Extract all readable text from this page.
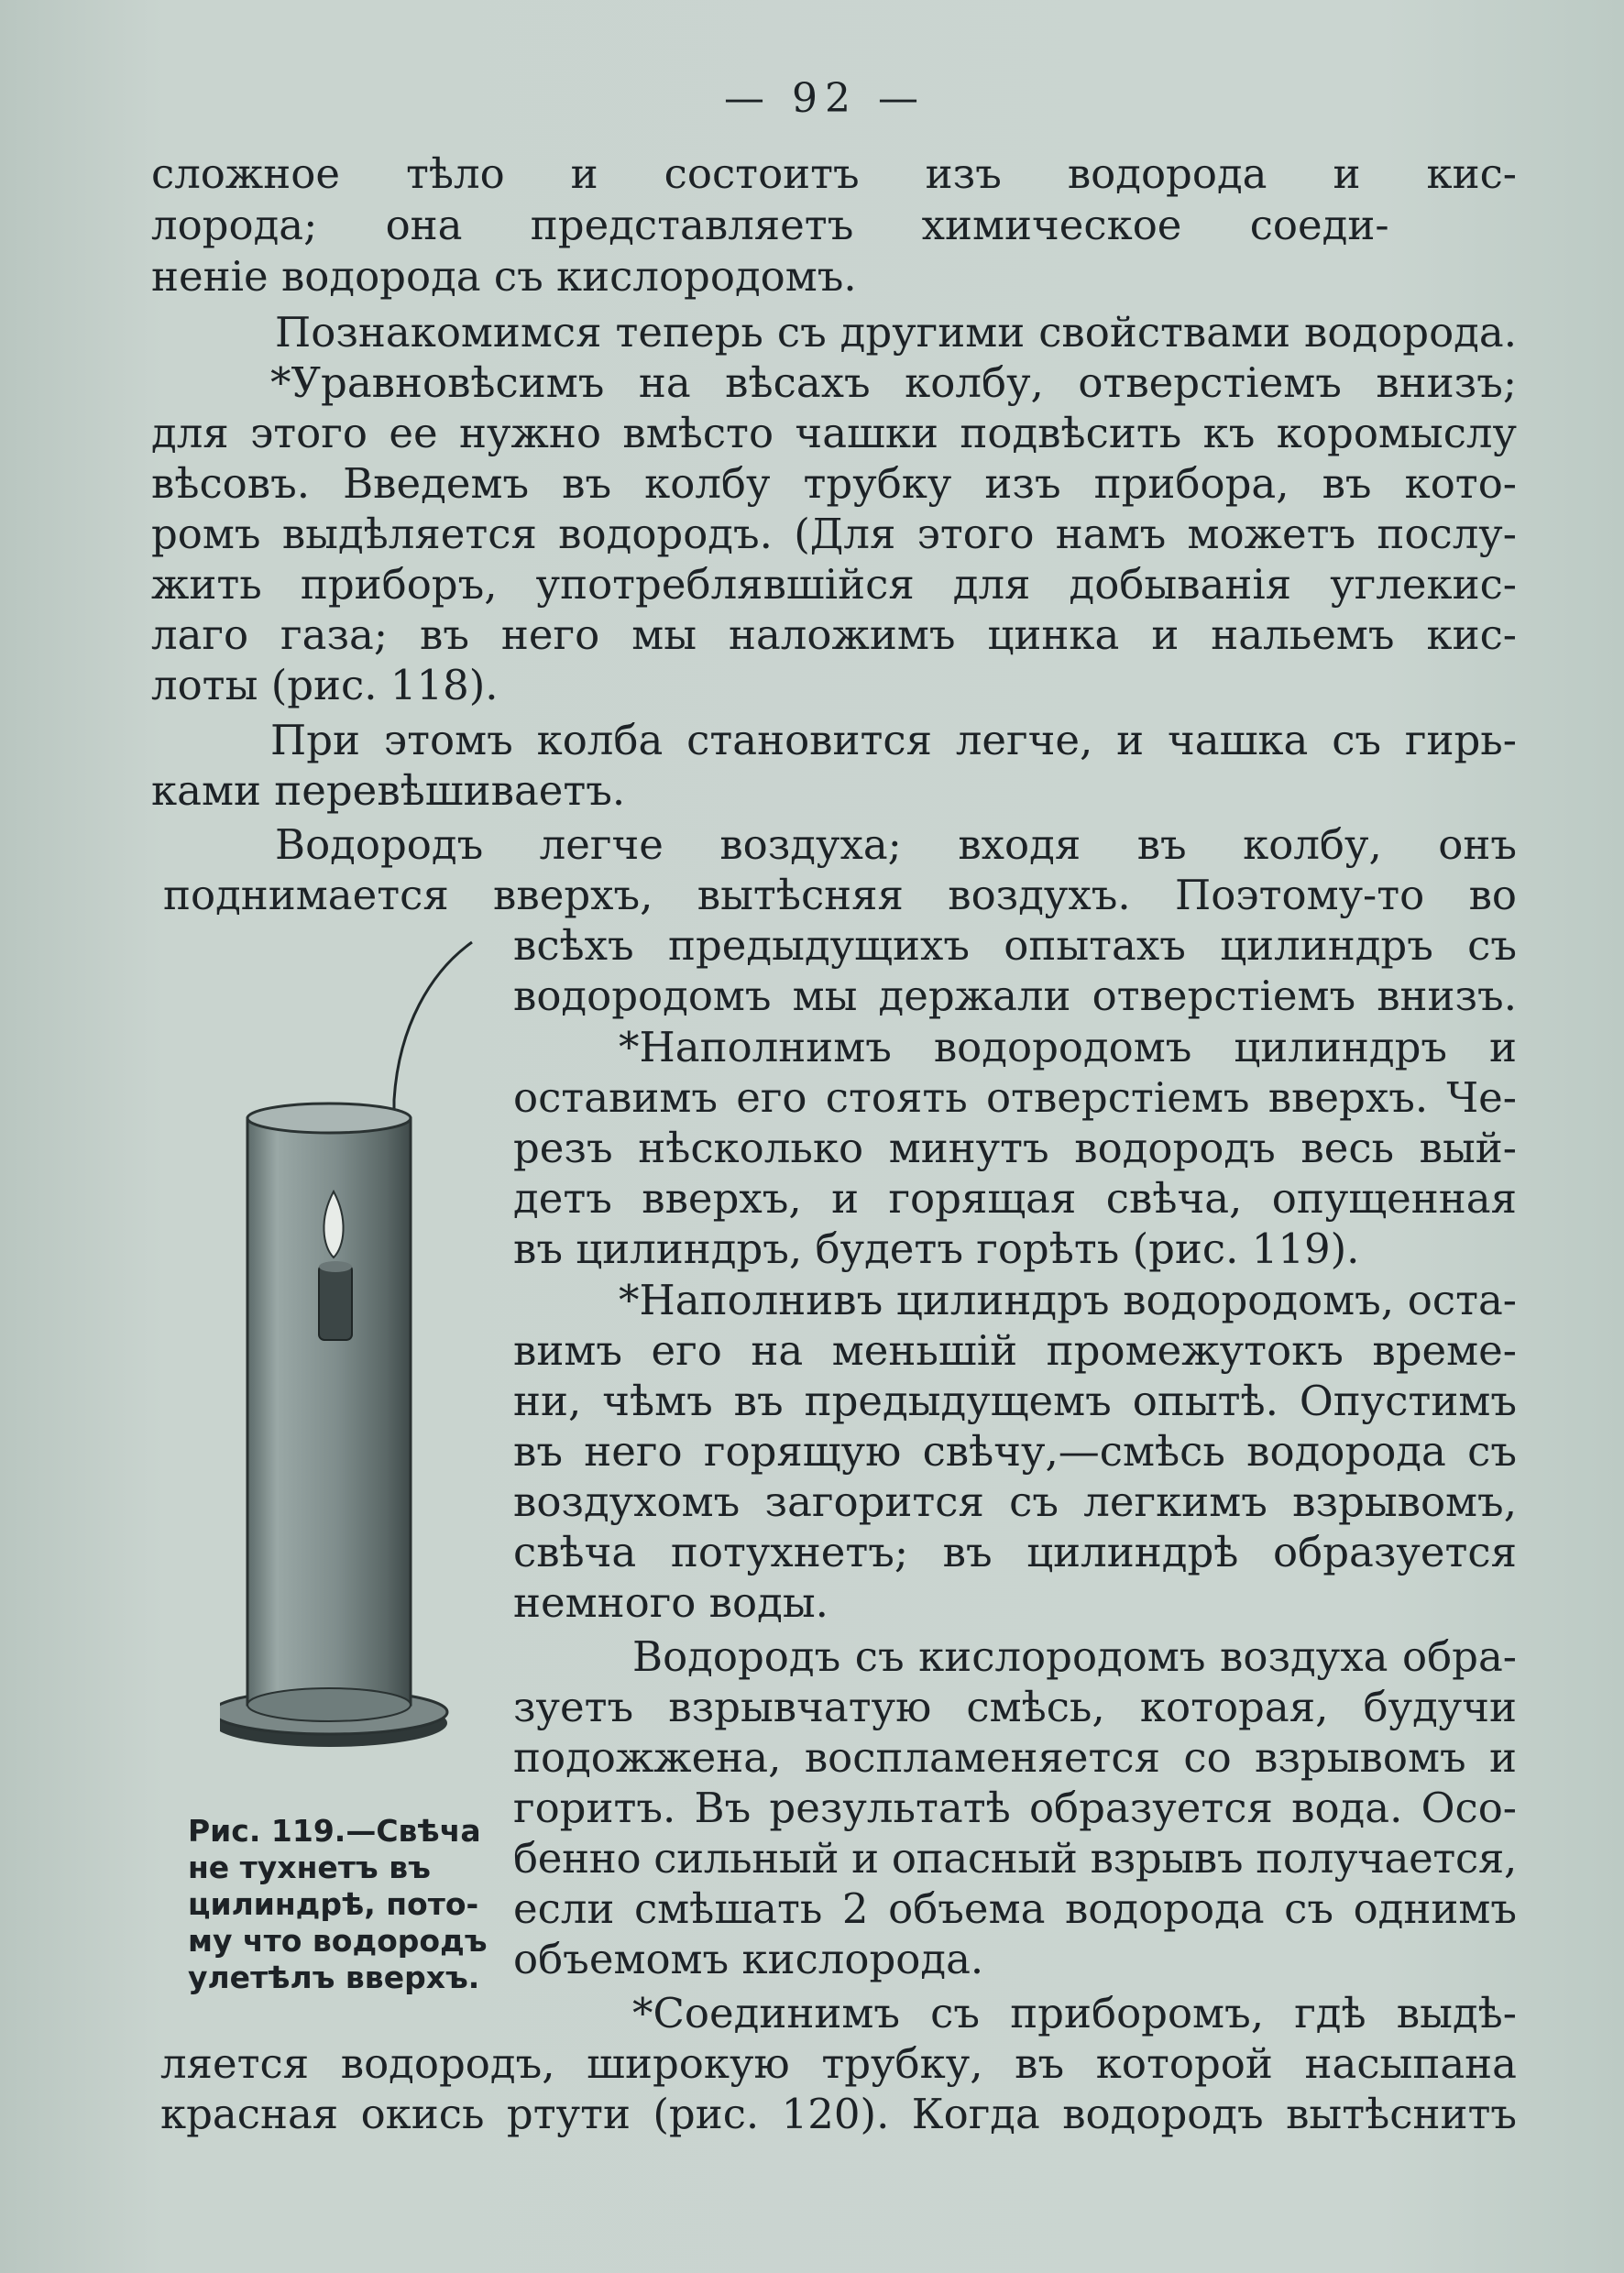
— 92 —
сложное тѣло и состоитъ изъ водорода и кис-
лорода; она представляетъ химическое соеди-
неніе водорода съ кислородомъ.
Познакомимся теперь съ другими свойствами водорода.
*Уравновѣсимъ на вѣсахъ колбу, отверстіемъ внизъ;
для этого ее нужно вмѣсто чашки подвѣсить къ коромыслу
вѣсовъ. Введемъ въ колбу трубку изъ прибора, въ кото-
ромъ выдѣляется водородъ. (Для этого намъ можетъ послу-
жить приборъ, употреблявшійся для добыванія углекис-
лаго газа; въ него мы наложимъ цинка и нальемъ кис-
лоты (рис. 118).
При этомъ колба становится легче, и чашка съ гирь-
ками перевѣшиваетъ.
Водородъ легче воздуха; входя въ колбу, онъ
поднимается вверхъ, вытѣсняя воздухъ. Поэтому-то во
всѣхъ предыдущихъ опытахъ цилиндръ съ
водородомъ мы держали отверстіемъ внизъ.
*Наполнимъ водородомъ цилиндръ и
оставимъ его стоять отверстіемъ вверхъ. Че-
резъ нѣсколько минутъ водородъ весь вый-
детъ вверхъ, и горящая свѣча, опущенная
въ цилиндръ, будетъ горѣть (рис. 119).
*Наполнивъ цилиндръ водородомъ, оста-
вимъ его на меньшій промежутокъ време-
ни, чѣмъ въ предыдущемъ опытѣ. Опустимъ
въ него горящую свѣчу,—смѣсь водорода съ
воздухомъ загорится съ легкимъ взрывомъ,
свѣча потухнетъ; въ цилиндрѣ образуется
немного воды.
Водородъ съ кислородомъ воздуха обра-
зуетъ взрывчатую смѣсь, которая, будучи
подожжена, воспламеняется со взрывомъ и
горитъ. Въ результатѣ образуется вода. Осо-
бенно сильный и опасный взрывъ получается,
если смѣшать 2 объема водорода съ однимъ
объемомъ кислорода.
*Соединимъ съ приборомъ, гдѣ выдѣ-
ляется водородъ, широкую трубку, въ которой насыпана
красная окись ртути (рис. 120). Когда водородъ вытѣснитъ
Рис. 119.—Свѣча
не тухнетъ въ
цилиндрѣ, пото-
му что водородъ
улетѣлъ вверхъ.
